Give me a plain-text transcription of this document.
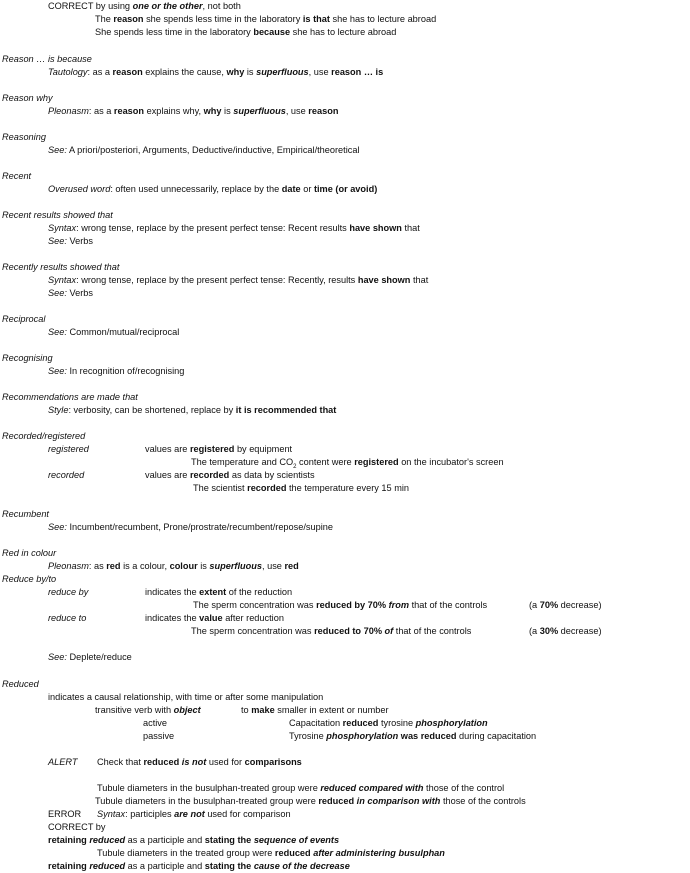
CORRECT by using one or the other, not both
The reason she spends less time in the laboratory is that she has to lecture abroad
She spends less time in the laboratory because she has to lecture abroad
Reason … is because
Tautology: as a reason explains the cause, why is superfluous, use reason … is
Reason why
Pleonasm: as a reason explains why, why is superfluous, use reason
Reasoning
See: A priori/posteriori, Arguments, Deductive/inductive, Empirical/theoretical
Recent
Overused word: often used unnecessarily, replace by the date or time (or avoid)
Recent results showed that
Syntax: wrong tense, replace by the present perfect tense: Recent results have shown that
See: Verbs
Recently results showed that
Syntax: wrong tense, replace by the present perfect tense: Recently, results have shown that
See: Verbs
Reciprocal
See: Common/mutual/reciprocal
Recognising
See: In recognition of/recognising
Recommendations are made that
Style: verbosity, can be shortened, replace by it is recommended that
Recorded/registered
registered	values are registered by equipment
The temperature and $CO_2$ content were registered on the incubator's screen
recorded	values are recorded as data by scientists
The scientist recorded the temperature every 15 min
Recumbent
See: Incumbent/recumbent, Prone/prostrate/recumbent/repose/supine
Red in colour
Pleonasm: as red is a colour, colour is superfluous, use red
Reduce by/to
reduce by	indicates the extent of the reduction
The sperm concentration was reduced by 70% from that of the controls	(a 70% decrease)
reduce to	indicates the value after reduction
The sperm concentration was reduced to 70% of that of the controls	(a 30% decrease)
See: Deplete/reduce
Reduced
indicates a causal relationship, with time or after some manipulation
transitive verb with object	to make smaller in extent or number
active	Capacitation reduced tyrosine phosphorylation
passive	Tyrosine phosphorylation was reduced during capacitation
ALERT Check that reduced is not used for comparisons
Tubule diameters in the busulphan-treated group were reduced compared with those of the control
Tubule diameters in the busulphan-treated group were reduced in comparison with those of the controls
ERROR Syntax: participles are not used for comparison
CORRECT by
retaining reduced as a participle and stating the sequence of events
Tubule diameters in the treated group were reduced after administering busulphan
retaining reduced as a participle and stating the cause of the decrease
